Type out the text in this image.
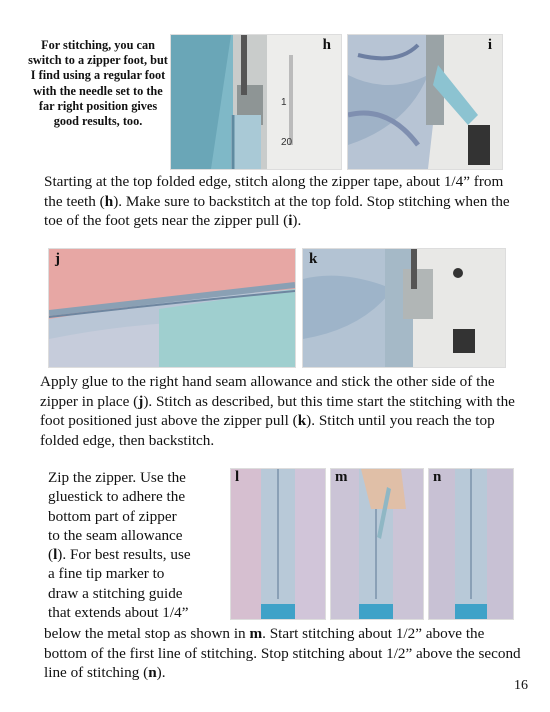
For stitching, you can switch to a zipper foot, but I find using a regular foot with the needle set to the far right position gives good results, too.
1
20
h	i
Starting at the top folded edge, stitch along the zipper tape, about 1/4” from the teeth (h). Make sure to backstitch at the top fold. Stop stitching when the toe of the foot gets near the zipper pull (i).
j	k
Apply glue to the right hand seam allowance and stick the other side of the zipper in place (j). Stitch as described, but this time start the stitching with the foot positioned just above the zipper pull (k). Stitch until you reach the top folded edge, then backstitch.
l	m	n
Zip the zipper. Use the
gluestick to adhere the
bottom part of zipper
to the seam allowance
(l). For best results, use
a fine tip marker to
draw a stitching guide
that extends about 1/4”
below the metal stop as shown in m. Start stitching about 1/2” above the bottom of the first line of stitching. Stop stitching about 1/2” above the second line of stitching (n).
16
